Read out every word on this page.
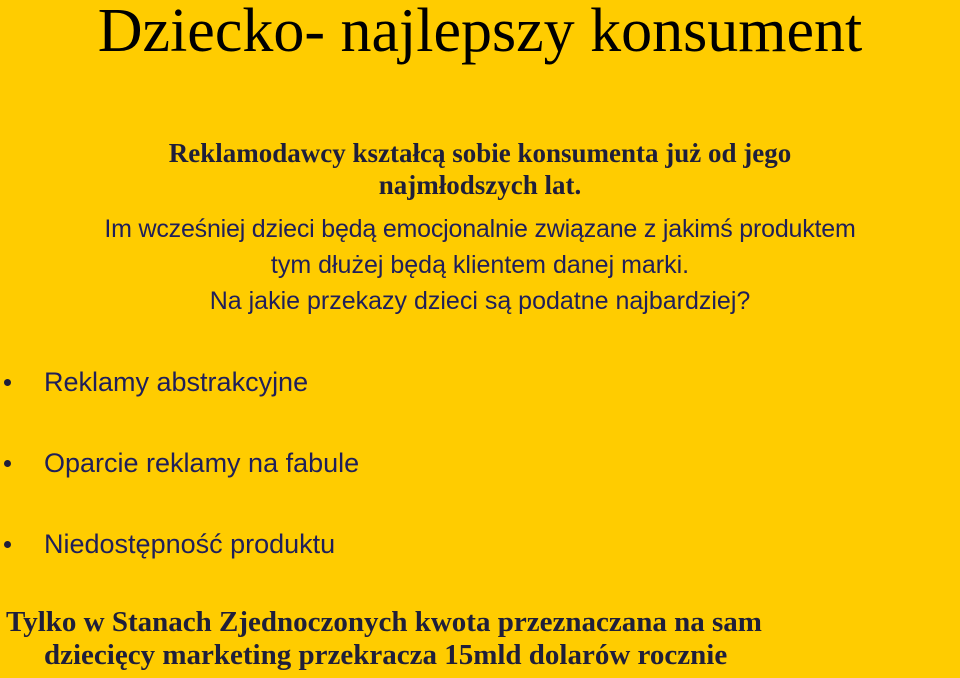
Dziecko- najlepszy konsument
Reklamodawcy kształcą sobie konsumenta już od jego
najmłodszych lat.
Im wcześniej dzieci będą emocjonalnie związane z jakimś produktem
tym dłużej będą klientem danej marki.
Na jakie przekazy dzieci są podatne najbardziej?
Reklamy abstrakcyjne
Oparcie reklamy na fabule
Niedostępność produktu
Tylko w Stanach Zjednoczonych kwota przeznaczana na sam
dziecięcy marketing przekracza 15mld dolarów rocznie
